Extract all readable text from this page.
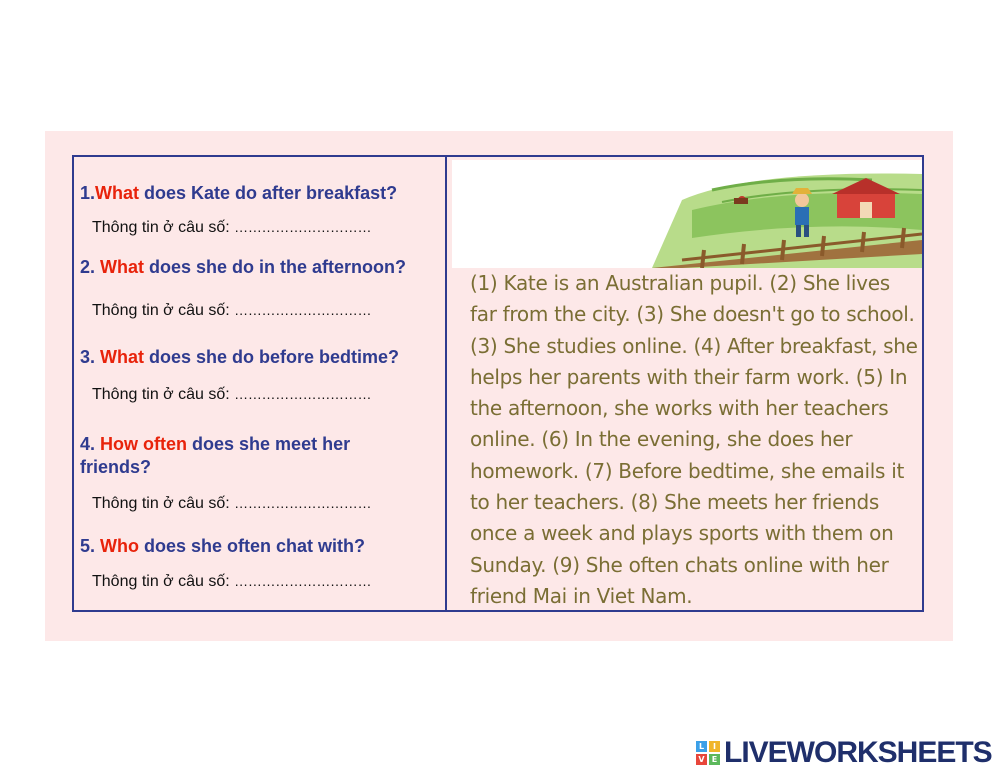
1.What does Kate do after breakfast?
Thông tin ở câu số: …………………………
2. What does she do in the afternoon?
Thông tin ở câu số: …………………………
3. What does she do before bedtime?
Thông tin ở câu số: …………………………
4. How often does she meet her friends?
Thông tin ở câu số: …………………………
5. Who does she often chat with?
Thông tin ở câu số: …………………………
(1) Kate is an Australian pupil. (2) She lives far from the city. (3) She doesn't go to school. (3) She studies online. (4) After breakfast, she helps her parents with their farm work. (5) In the afternoon, she works with her teachers online. (6) In the evening, she does her homework. (7) Before bedtime, she emails it to her teachers. (8) She meets her friends once a week and plays sports with them on Sunday. (9) She often chats online with her friend Mai in Viet Nam.
L	I
V E LIVEWORKSHEETS
